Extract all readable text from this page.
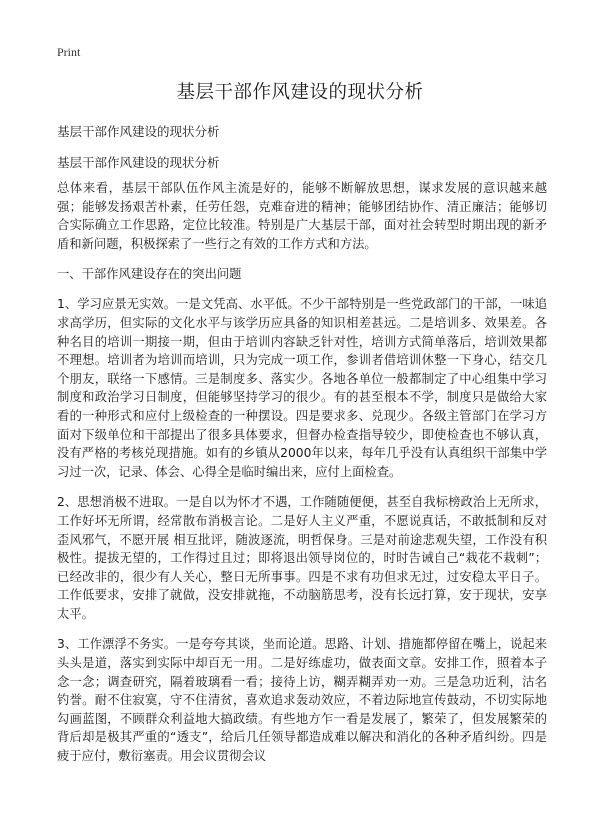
Print
基层干部作风建设的现状分析

基层干部作风建设的现状分析

基层干部作风建设的现状分析

总体来看，基层干部队伍作风主流是好的，能够不断解放思想，谋求发展的意识越来越强；能够发扬艰苦朴素，任劳任怨，克难奋进的精神；能够团结协作、清正廉洁；能够切合实际确立工作思路，定位比较准。特别是广大基层干部，面对社会转型时期出现的新矛盾和新问题，积极探索了一些行之有效的工作方式和方法。

一、干部作风建设存在的突出问题

1、学习应景无实效。一是文凭高、水平低。不少干部特别是一些党政部门的干部，一味追求高学历，但实际的文化水平与该学历应具备的知识相差甚远。二是培训多、效果差。各种名目的培训一期接一期，但由于培训内容缺乏针对性，培训方式简单落后，培训效果都不理想。培训者为培训而培训，只为完成一项工作，参训者借培训休整一下身心，结交几个朋友，联络一下感情。三是制度多、落实少。各地各单位一般都制定了中心组集中学习制度和政治学习日制度，但能够坚持学习的很少。有的甚至根本不学，制度只是做给大家看的一种形式和应付上级检查的一种摆设。四是要求多、兑现少。各级主管部门在学习方面对下级单位和干部提出了很多具体要求，但督办检查指导较少，即使检查也不够认真，没有严格的考核兑现措施。如有的乡镇从2000年以来，每年几乎没有认真组织干部集中学习过一次，记录、体会、心得全是临时编出来，应付上面检查。

2、思想消极不进取。一是自以为怀才不遇，工作随随便便，甚至自我标榜政治上无所求，工作好坏无所谓，经常散布消极言论。二是好人主义严重，不愿说真话，不敢抵制和反对歪风邪气，不愿开展 相互批评，随波逐流，明哲保身。三是对前途悲观失望，工作没有积极性。提拔无望的，工作得过且过；即将退出领导岗位的，时时告诫自己“栽花不栽刺”；已经改非的，很少有人关心，整日无所事事。四是不求有功但求无过，过安稳太平日子。工作低要求，安排了就做，没安排就拖，不动脑筋思考，没有长远打算，安于现状，安享太平。

3、工作漂浮不务实。一是夸夸其谈，坐而论道。思路、计划、措施都停留在嘴上，说起来头头是道，落实到实际中却百无一用。二是好练虚功，做表面文章。安排工作，照着本子念一念；调查研究，隔着玻璃看一看；接待上访，糊弄糊弄劝一劝。三是急功近利，沽名钓誉。耐不住寂寞，守不住清贫，喜欢追求轰动效应，不着边际地宣传鼓动，不切实际地勾画蓝图，不顾群众利益地大搞政绩。有些地方乍一看是发展了，繁荣了，但发展繁荣的背后却是极其严重的“透支”，给后几任领导都造成难以解决和消化的各种矛盾纠纷。四是疲于应付，敷衍塞责。用会议贯彻会议
